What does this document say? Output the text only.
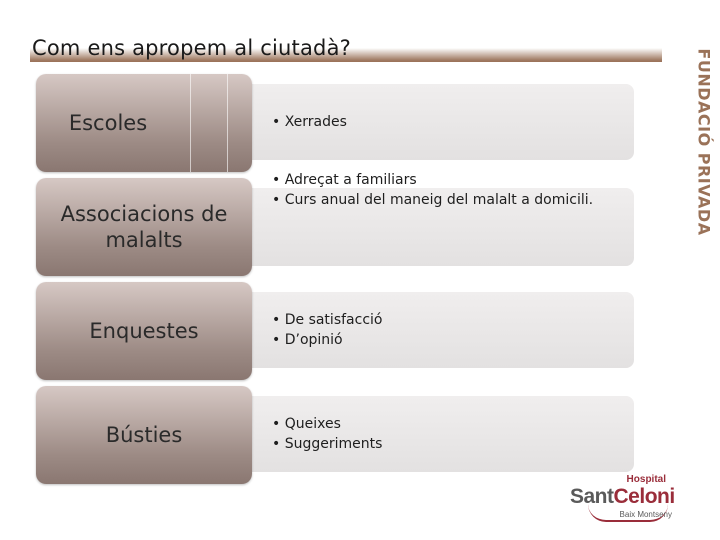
Com ens apropem al ciutadà?
FUNDACIÓ PRIVADA
• Xerrades
Escoles
• Adreçat a familiars
• Curs anual del maneig del malalt a domicili.
Associacions de malalts
• De satisfacció
• D’opinió
Enquestes
• Queixes
• Suggeriments
Bústies
Hospital
SantCeloni
Baix Montseny
